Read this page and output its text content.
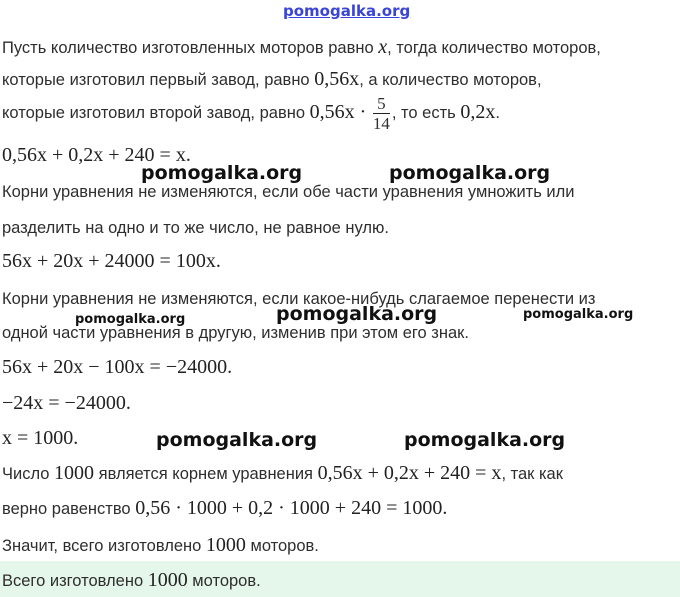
pomogalka.org
Пусть количество изготовленных моторов равно x, тогда количество моторов,
которые изготовил первый завод, равно 0,56x, а количество моторов,
которые изготовил второй завод, равно $0,56x \cdot \frac{5}{14}$ , то есть 0,2x.
0,56x + 0,2x + 240 = x.
Корни уравнения не изменяются, если обе части уравнения умножить или
разделить на одно и то же число, не равное нулю.
56x + 20x + 24000 = 100x.
Корни уравнения не изменяются, если какое-нибудь слагаемое перенести из
одной части уравнения в другую, изменив при этом его знак.
56x + 20x − 100x = −24000.
−24x = −24000.
x = 1000.
Число 1000 является корнем уравнения 0,56x + 0,2x + 240 = x, так как
верно равенство 0,56 · 1000 + 0,2 · 1000 + 240 = 1000.
Значит, всего изготовлено 1000 моторов.
Всего изготовлено 1000 моторов.
pomogalka.org	pomogalka.org
pomogalka.org	pomogalka.org	pomogalka.org
pomogalka.org	pomogalka.org
